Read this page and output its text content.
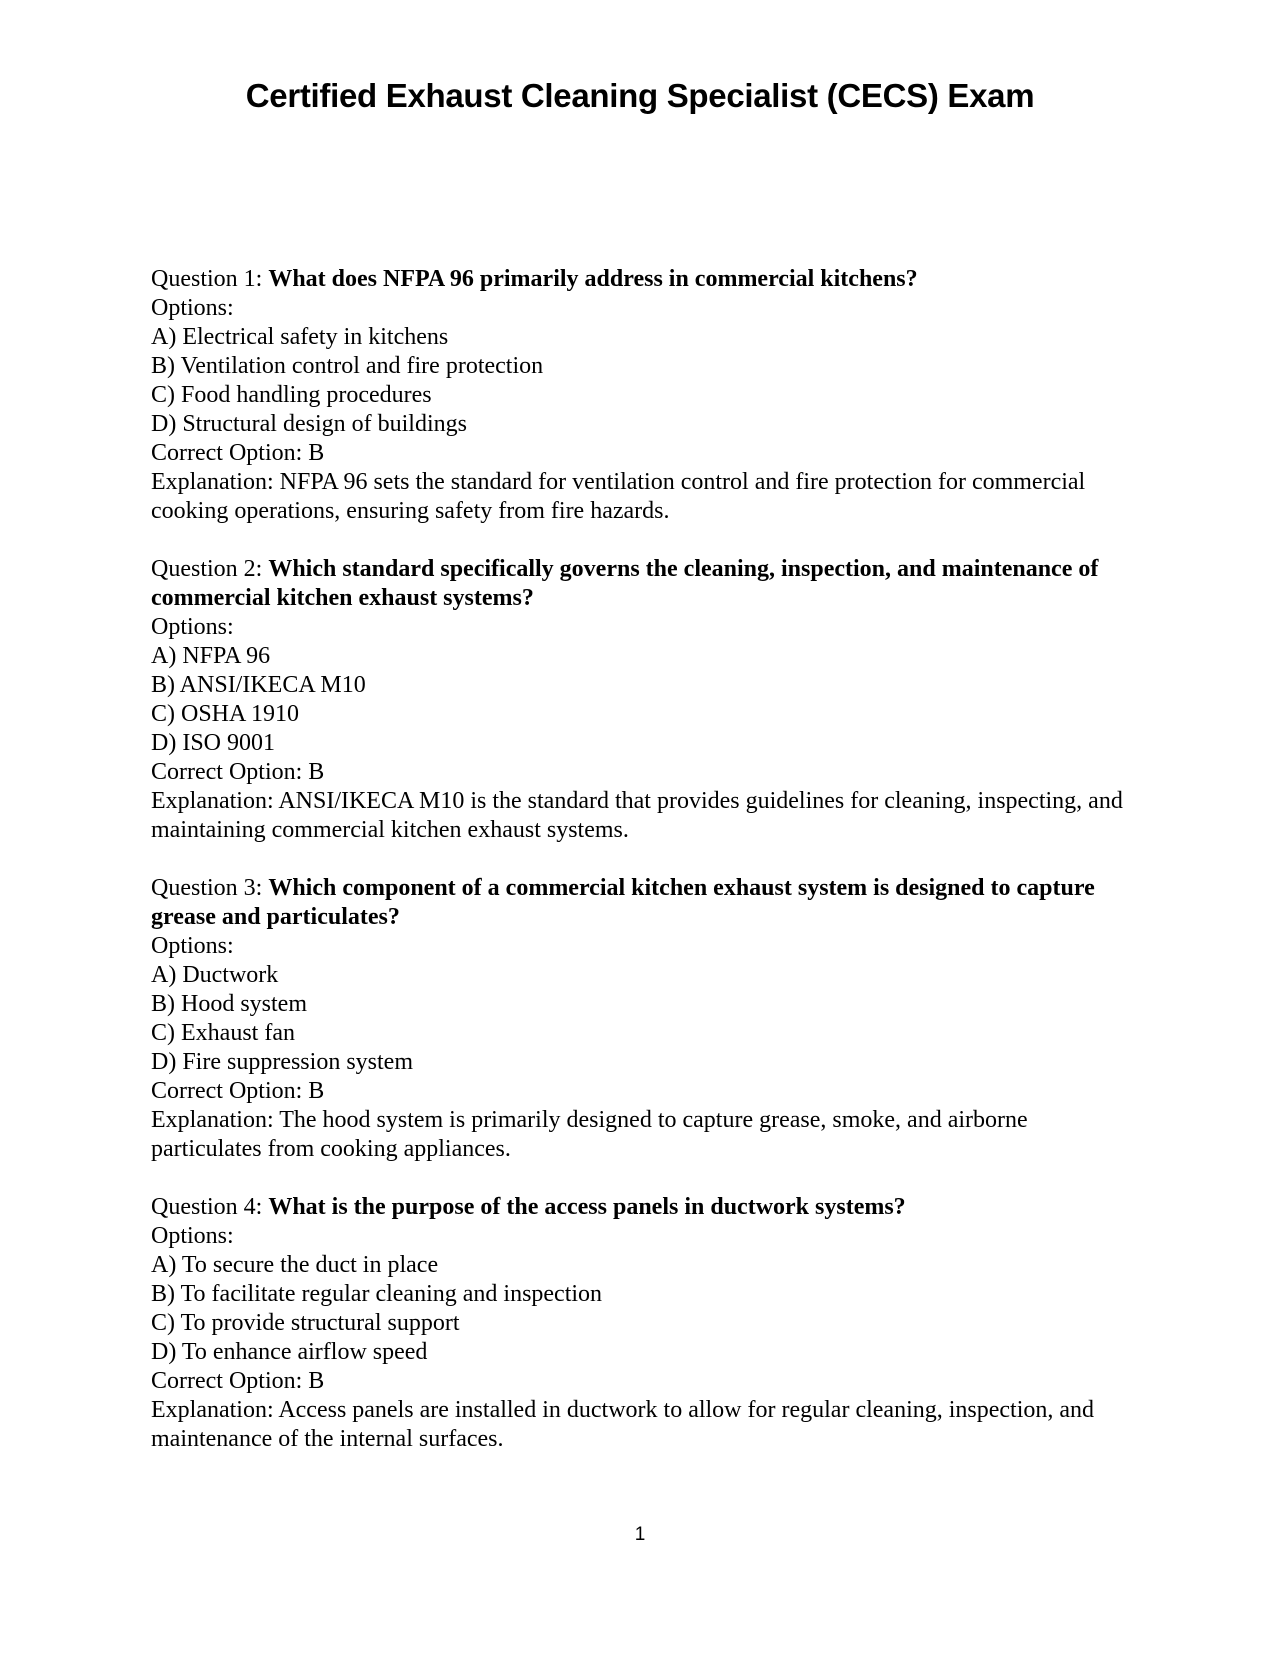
Certified Exhaust Cleaning Specialist (CECS) Exam
Question 1: What does NFPA 96 primarily address in commercial kitchens?
Options:
A) Electrical safety in kitchens
B) Ventilation control and fire protection
C) Food handling procedures
D) Structural design of buildings
Correct Option: B
Explanation: NFPA 96 sets the standard for ventilation control and fire protection for commercial cooking operations, ensuring safety from fire hazards.
Question 2: Which standard specifically governs the cleaning, inspection, and maintenance of commercial kitchen exhaust systems?
Options:
A) NFPA 96
B) ANSI/IKECA M10
C) OSHA 1910
D) ISO 9001
Correct Option: B
Explanation: ANSI/IKECA M10 is the standard that provides guidelines for cleaning, inspecting, and maintaining commercial kitchen exhaust systems.
Question 3: Which component of a commercial kitchen exhaust system is designed to capture grease and particulates?
Options:
A) Ductwork
B) Hood system
C) Exhaust fan
D) Fire suppression system
Correct Option: B
Explanation: The hood system is primarily designed to capture grease, smoke, and airborne particulates from cooking appliances.
Question 4: What is the purpose of the access panels in ductwork systems?
Options:
A) To secure the duct in place
B) To facilitate regular cleaning and inspection
C) To provide structural support
D) To enhance airflow speed
Correct Option: B
Explanation: Access panels are installed in ductwork to allow for regular cleaning, inspection, and maintenance of the internal surfaces.
1
